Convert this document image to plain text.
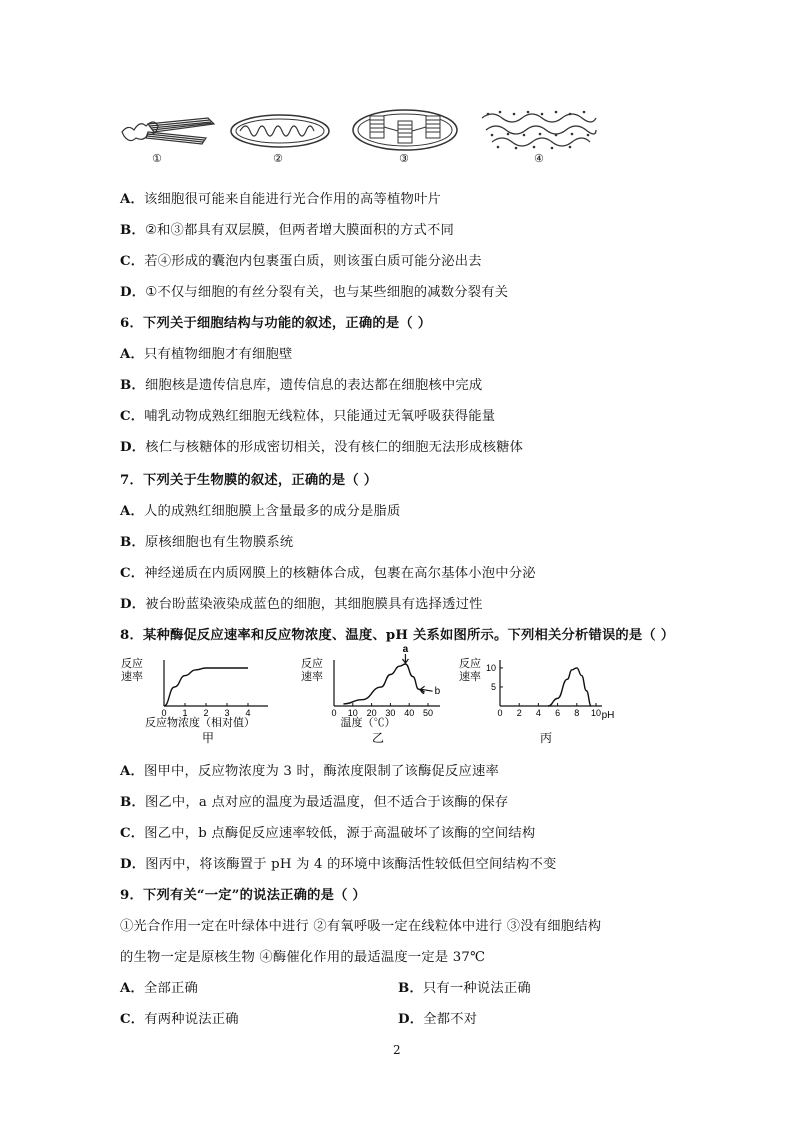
①	②	③	④
A．该细胞很可能来自能进行光合作用的高等植物叶片
B．②和③都具有双层膜，但两者增大膜面积的方式不同
C．若④形成的囊泡内包裹蛋白质，则该蛋白质可能分泌出去
D．①不仅与细胞的有丝分裂有关，也与某些细胞的减数分裂有关
6．下列关于细胞结构与功能的叙述，正确的是（ ）
A．只有植物细胞才有细胞壁
B．细胞核是遗传信息库，遗传信息的表达都在细胞核中完成
C．哺乳动物成熟红细胞无线粒体，只能通过无氧呼吸获得能量
D．核仁与核糖体的形成密切相关，没有核仁的细胞无法形成核糖体
7．下列关于生物膜的叙述，正确的是（ ）
A．人的成熟红细胞膜上含量最多的成分是脂质
B．原核细胞也有生物膜系统
C．神经递质在内质网膜上的核糖体合成，包裹在高尔基体小泡中分泌
D．被台盼蓝染液染成蓝色的细胞，其细胞膜具有选择透过性
8．某种酶促反应速率和反应物浓度、温度、pH 关系如图所示。下列相关分析错误的是（ ）
反应
速率
0 1 2 3 4
反应物浓度（相对值）
甲
反应
速率
0 10 20 30 40 50
a
b
温度（℃）
乙
反应
速率
0 2 4 6 8 10
5
10
pH
丙
A．图甲中，反应物浓度为 3 时，酶浓度限制了该酶促反应速率
B．图乙中，a 点对应的温度为最适温度，但不适合于该酶的保存
C．图乙中，b 点酶促反应速率较低，源于高温破坏了该酶的空间结构
D．图丙中，将该酶置于 pH 为 4 的环境中该酶活性较低但空间结构不变
9．下列有关“一定”的说法正确的是（ ）
①光合作用一定在叶绿体中进行 ②有氧呼吸一定在线粒体中进行 ③没有细胞结构
的生物一定是原核生物 ④酶催化作用的最适温度一定是 37℃
A．全部正确	B．只有一种说法正确
C．有两种说法正确	D．全都不对
2
